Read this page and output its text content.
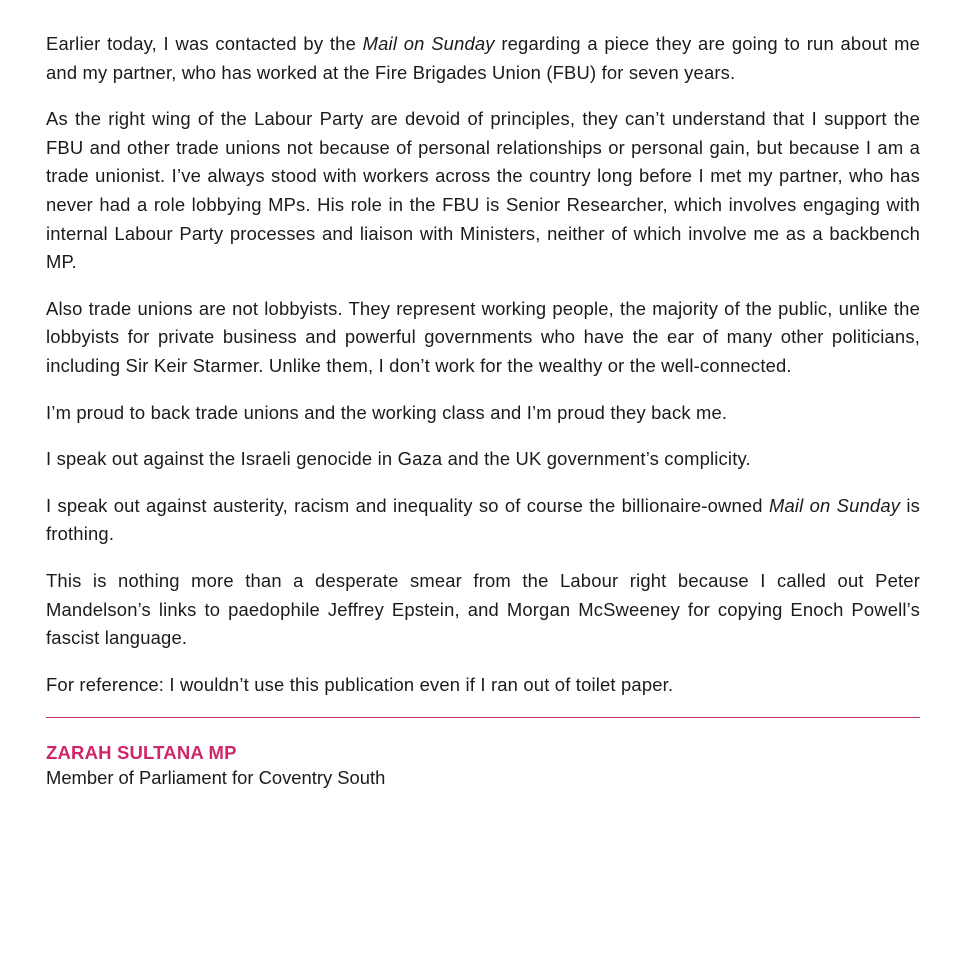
Earlier today, I was contacted by the Mail on Sunday regarding a piece they are going to run about me and my partner, who has worked at the Fire Brigades Union (FBU) for seven years.

As the right wing of the Labour Party are devoid of principles, they can’t understand that I support the FBU and other trade unions not because of personal relationships or personal gain, but because I am a trade unionist. I’ve always stood with workers across the country long before I met my partner, who has never had a role lobbying MPs. His role in the FBU is Senior Researcher, which involves engaging with internal Labour Party processes and liaison with Ministers, neither of which involve me as a backbench MP.

Also trade unions are not lobbyists. They represent working people, the majority of the public, unlike the lobbyists for private business and powerful governments who have the ear of many other politicians, including Sir Keir Starmer. Unlike them, I don’t work for the wealthy or the well-connected.

I’m proud to back trade unions and the working class and I’m proud they back me.

I speak out against the Israeli genocide in Gaza and the UK government’s complicity.

I speak out against austerity, racism and inequality so of course the billionaire-owned Mail on Sunday is frothing.

This is nothing more than a desperate smear from the Labour right because I called out Peter Mandelson’s links to paedophile Jeffrey Epstein, and Morgan McSweeney for copying Enoch Powell’s fascist language.

For reference: I wouldn’t use this publication even if I ran out of toilet paper.

ZARAH SULTANA MP

Member of Parliament for Coventry South
